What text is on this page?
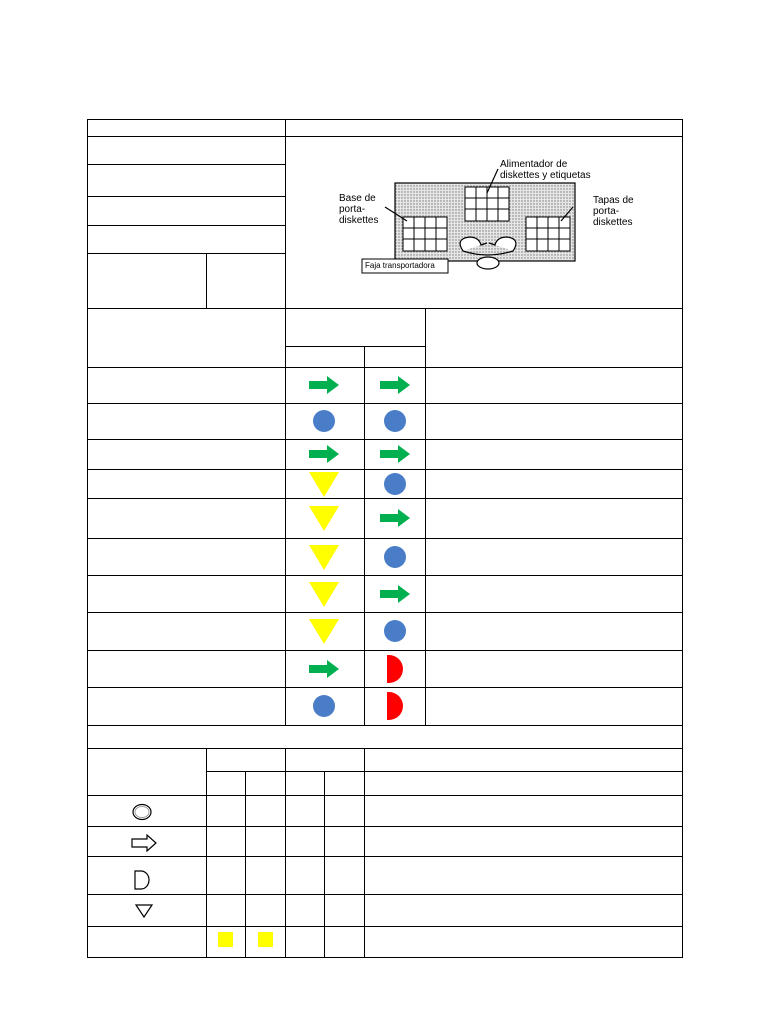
Alimentador de diskettes y etiquetas
Base de porta-diskettes
Tapas de porta-diskettes
Faja transportadora
